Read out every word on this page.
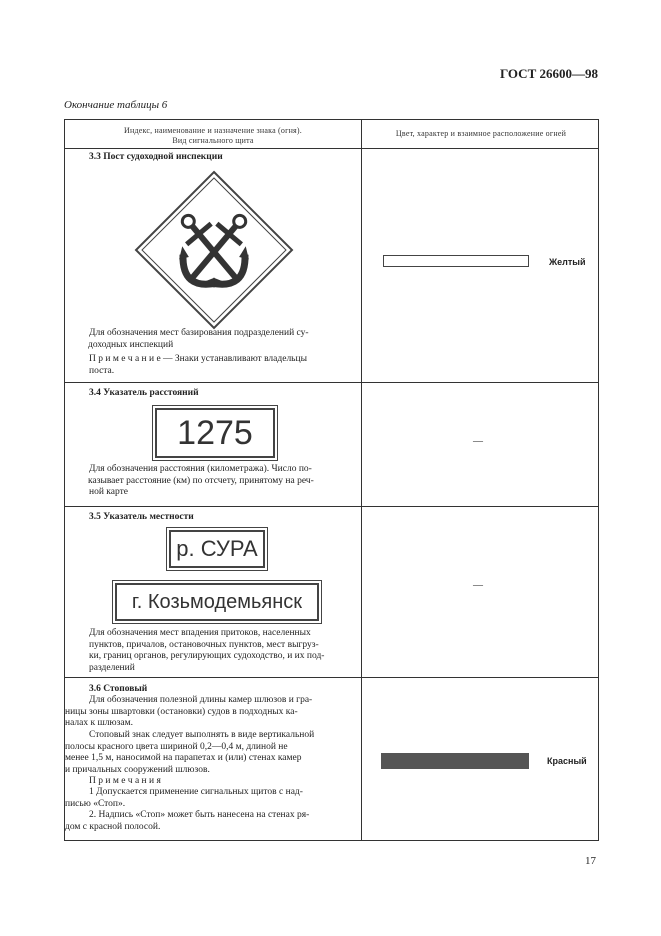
ГОСТ 26600—98
Окончание таблицы 6
Индекс, наименование и назначение знака (огня).
Вид сигнального щита
Цвет, характер и взаимное расположение огней
3.3 Пост судоходной инспекции
Для обозначения мест базирования подразделений су-
доходных инспекций
П р и м е ч а н и е — Знаки устанавливают владельцы
поста.
Желтый
3.4 Указатель расстояний
1275
Для обозначения расстояния (километража). Число по-
казывает расстояние (км) по отсчету, принятому на реч-
ной карте
—
3.5 Указатель местности
р. СУРА
г. Козьмодемьянск
Для обозначения мест впадения притоков, населенных
пунктов, причалов, остановочных пунктов, мест выгруз-
ки, границ органов, регулирующих судоходство, и их под-
разделений
—
3.6 Стоповый
Для обозначения полезной длины камер шлюзов и гра-
ницы зоны швартовки (остановки) судов в подходных ка-
налах к шлюзам.
Стоповый знак следует выполнять в виде вертикальной
полосы красного цвета шириной 0,2—0,4 м, длиной не
менее 1,5 м, наносимой на парапетах и (или) стенах камер
и причальных сооружений шлюзов.
П р и м е ч а н и я
1 Допускается применение сигнальных щитов с над-
писью «Стоп».
2. Надпись «Стоп» может быть нанесена на стенах ря-
дом с красной полосой.
Красный
17
